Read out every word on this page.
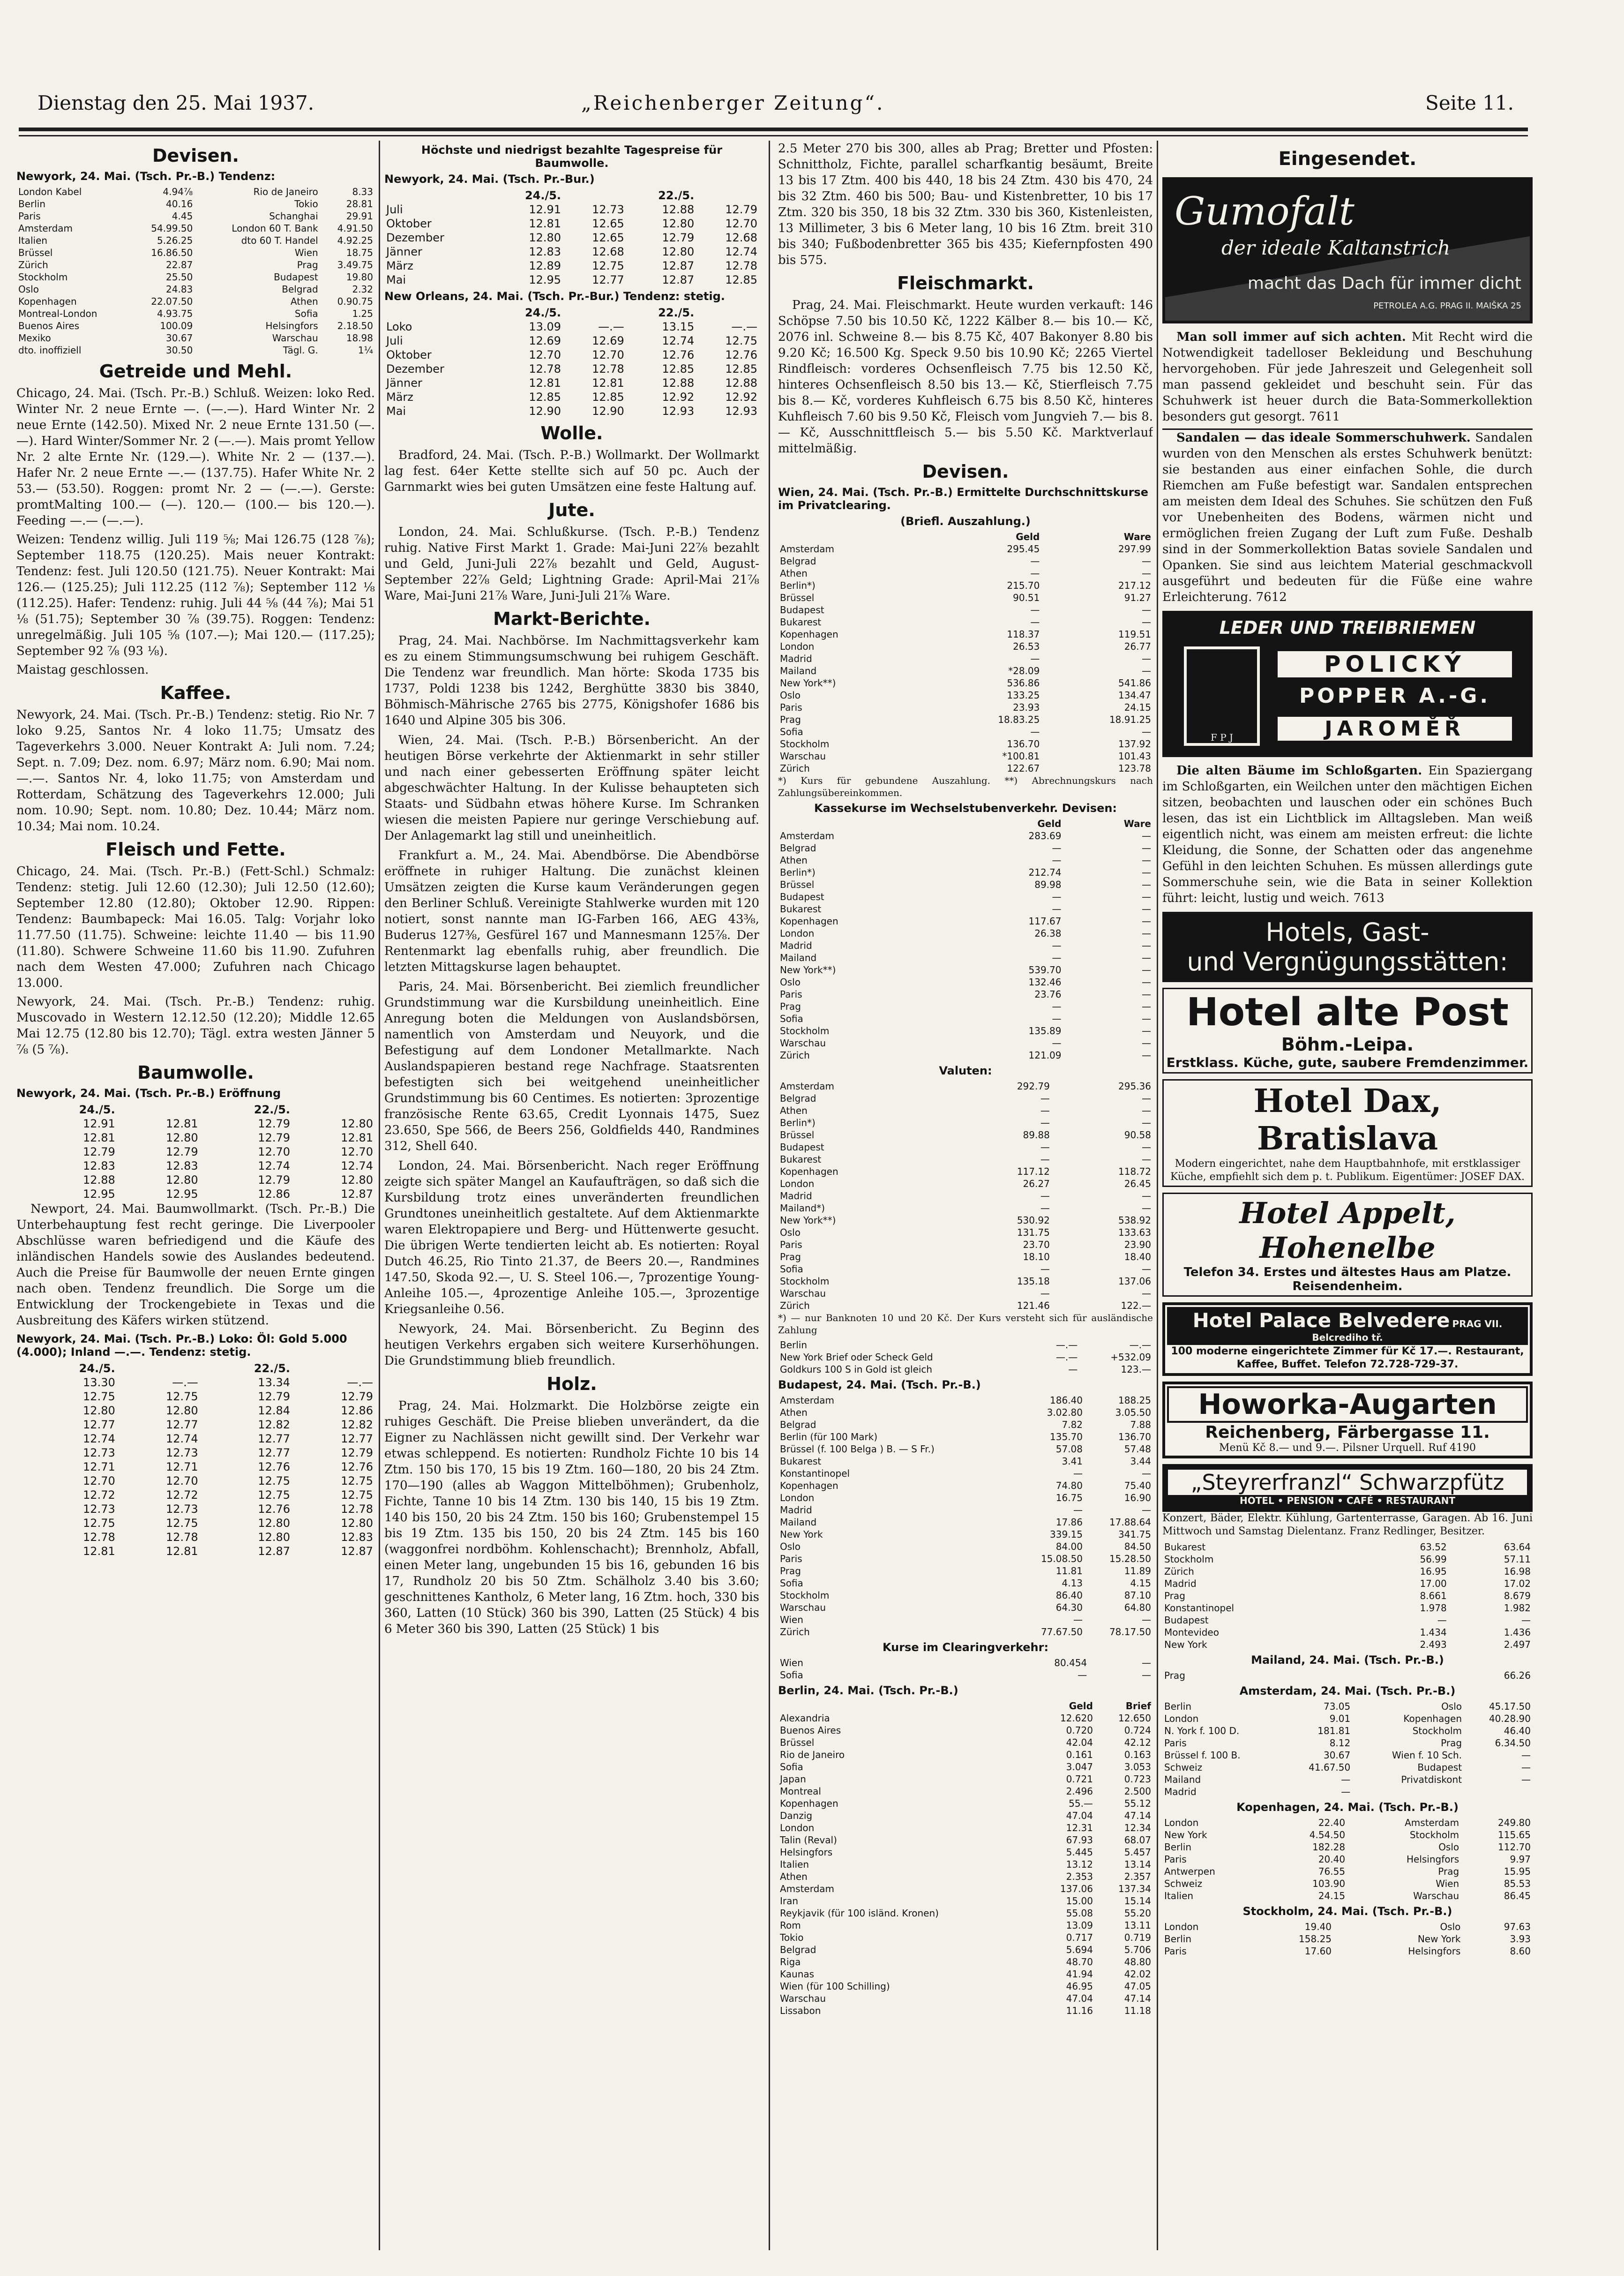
Dienstag den 25. Mai 1937.	„Reichenberger Zeitung“.	Seite 11.
Devisen.
Newyork, 24. Mai. (Tsch. Pr.-B.) Tendenz:
London Kabel	4.94⅞	Rio de Janeiro	8.33
Berlin	40.16	Tokio	28.81
Paris	4.45	Schanghai	29.91
Amsterdam	54.99.50	London 60 T. Bank	4.91.50
Italien	5.26.25	dto 60 T. Handel	4.92.25
Brüssel	16.86.50	Wien	18.75
Zürich	22.87	Prag	3.49.75
Stockholm	25.50	Budapest	19.80
Oslo	24.83	Belgrad	2.32
Kopenhagen	22.07.50	Athen	0.90.75
Montreal-London	4.93.75	Sofia	1.25
Buenos Aires	100.09	Helsingfors	2.18.50
Mexiko	30.67	Warschau	18.98
dto. inoffiziell	30.50	Tägl. G.	1¼
Getreide und Mehl.

Chicago, 24. Mai. (Tsch. Pr.-B.) Schluß. Weizen: loko Red. Winter Nr. 2 neue Ernte —. (—.—). Hard Winter Nr. 2 neue Ernte (142.50). Mixed Nr. 2 neue Ernte 131.50 (—.—). Hard Winter/Sommer Nr. 2 (—.—). Mais promt Yellow Nr. 2 alte Ernte Nr. (129.—). White Nr. 2 — (137.—). Hafer Nr. 2 neue Ernte —.— (137.75). Hafer White Nr. 2 53.— (53.50). Roggen: promt Nr. 2 — (—.—). Gerste: promtMalting 100.— (—). 120.— (100.— bis 120.—). Feeding —.— (—.—).

Weizen: Tendenz willig. Juli 119 ⅝; Mai 126.75 (128 ⅞); September 118.75 (120.25). Mais neuer Kontrakt: Tendenz: fest. Juli 120.50 (121.75). Neuer Kontrakt: Mai 126.— (125.25); Juli 112.25 (112 ⅞); September 112 ⅛ (112.25). Hafer: Tendenz: ruhig. Juli 44 ⅝ (44 ⅞); Mai 51 ⅛ (51.75); September 30 ⅞ (39.75). Roggen: Tendenz: unregelmäßig. Juli 105 ⅝ (107.—); Mai 120.— (117.25); September 92 ⅞ (93 ⅛).

Maistag geschlossen.

Kaffee.

Newyork, 24. Mai. (Tsch. Pr.-B.) Tendenz: stetig. Rio Nr. 7 loko 9.25, Santos Nr. 4 loko 11.75; Umsatz des Tageverkehrs 3.000. Neuer Kontrakt A: Juli nom. 7.24; Sept. n. 7.09; Dez. nom. 6.97; März nom. 6.90; Mai nom. —.—. Santos Nr. 4, loko 11.75; von Amsterdam und Rotterdam, Schätzung des Tageverkehrs 12.000; Juli nom. 10.90; Sept. nom. 10.80; Dez. 10.44; März nom. 10.34; Mai nom. 10.24.

Fleisch und Fette.

Chicago, 24. Mai. (Tsch. Pr.-B.) (Fett-Schl.) Schmalz: Tendenz: stetig. Juli 12.60 (12.30); Juli 12.50 (12.60); September 12.80 (12.80); Oktober 12.90. Rippen: Tendenz: Baumbapeck: Mai 16.05. Talg: Vorjahr loko 11.77.50 (11.75). Schweine: leichte 11.40 — bis 11.90 (11.80). Schwere Schweine 11.60 bis 11.90. Zufuhren nach dem Westen 47.000; Zufuhren nach Chicago 13.000.

Newyork, 24. Mai. (Tsch. Pr.-B.) Tendenz: ruhig. Muscovado in Western 12.12.50 (12.20); Middle 12.65 Mai 12.75 (12.80 bis 12.70); Tägl. extra westen Jänner 5 ⅞ (5 ⅞).

Baumwolle.
Newyork, 24. Mai. (Tsch. Pr.-B.) Eröffnung
	24./5.		22./5.	
	12.91	12.81	12.79	12.80
	12.81	12.80	12.79	12.81
	12.79	12.79	12.70	12.70
	12.83	12.83	12.74	12.74
	12.88	12.80	12.79	12.80
	12.95	12.95	12.86	12.87

Newport, 24. Mai. Baumwollmarkt. (Tsch. Pr.-B.) Die Unterbehauptung fest recht geringe. Die Liverpooler Abschlüsse waren befriedigend und die Käufe des inländischen Handels sowie des Auslandes bedeutend. Auch die Preise für Baumwolle der neuen Ernte gingen nach oben. Tendenz freundlich. Die Sorge um die Entwicklung der Trockengebiete in Texas und die Ausbreitung des Käfers wirken stützend.

Newyork, 24. Mai. (Tsch. Pr.-B.) Loko: Öl: Gold 5.000 (4.000); Inland —.—. Tendenz: stetig.
	24./5.		22./5.	
	13.30	—.—	13.34	—.—
	12.75	12.75	12.79	12.79
	12.80	12.80	12.84	12.86
	12.77	12.77	12.82	12.82
	12.74	12.74	12.77	12.77
	12.73	12.73	12.77	12.79
	12.71	12.71	12.76	12.76
	12.70	12.70	12.75	12.75
	12.72	12.72	12.75	12.75
	12.73	12.73	12.76	12.78
	12.75	12.75	12.80	12.80
	12.78	12.78	12.80	12.83
	12.81	12.81	12.87	12.87
Höchste und niedrigst bezahlte Tagespreise für Baumwolle.
Newyork, 24. Mai. (Tsch. Pr.-Bur.)
	24./5.		22./5.	
Juli	12.91	12.73	12.88	12.79
Oktober	12.81	12.65	12.80	12.70
Dezember	12.80	12.65	12.79	12.68
Jänner	12.83	12.68	12.80	12.74
März	12.89	12.75	12.87	12.78
Mai	12.95	12.77	12.87	12.85
New Orleans, 24. Mai. (Tsch. Pr.-Bur.) Tendenz: stetig.
	24./5.		22./5.	
Loko	13.09	—.—	13.15	—.—
Juli	12.69	12.69	12.74	12.75
Oktober	12.70	12.70	12.76	12.76
Dezember	12.78	12.78	12.85	12.85
Jänner	12.81	12.81	12.88	12.88
März	12.85	12.85	12.92	12.92
Mai	12.90	12.90	12.93	12.93
Wolle.

Bradford, 24. Mai. (Tsch. P.-B.) Wollmarkt. Der Wollmarkt lag fest. 64er Kette stellte sich auf 50 pc. Auch der Garnmarkt wies bei guten Umsätzen eine feste Haltung auf.

Jute.

London, 24. Mai. Schlußkurse. (Tsch. P.-B.) Tendenz ruhig. Native First Markt 1. Grade: Mai-Juni 22⅞ bezahlt und Geld, Juni-Juli 22⅞ bezahlt und Geld, August-September 22⅞ Geld; Lightning Grade: April-Mai 21⅞ Ware, Mai-Juni 21⅞ Ware, Juni-Juli 21⅞ Ware.

Markt-Berichte.

Prag, 24. Mai. Nachbörse. Im Nachmittagsverkehr kam es zu einem Stimmungsumschwung bei ruhigem Geschäft. Die Tendenz war freundlich. Man hörte: Skoda 1735 bis 1737, Poldi 1238 bis 1242, Berghütte 3830 bis 3840, Böhmisch-Mährische 2765 bis 2775, Königshofer 1686 bis 1640 und Alpine 305 bis 306.

Wien, 24. Mai. (Tsch. P.-B.) Börsenbericht. An der heutigen Börse verkehrte der Aktienmarkt in sehr stiller und nach einer gebesserten Eröffnung später leicht abgeschwächter Haltung. In der Kulisse behaupteten sich Staats- und Südbahn etwas höhere Kurse. Im Schranken wiesen die meisten Papiere nur geringe Verschiebung auf. Der Anlagemarkt lag still und uneinheitlich.

Frankfurt a. M., 24. Mai. Abendbörse. Die Abendbörse eröffnete in ruhiger Haltung. Die zunächst kleinen Umsätzen zeigten die Kurse kaum Veränderungen gegen den Berliner Schluß. Vereinigte Stahlwerke wurden mit 120 notiert, sonst nannte man IG-Farben 166, AEG 43⅜, Buderus 127⅜, Gesfürel 167 und Mannesmann 125⅞. Der Rentenmarkt lag ebenfalls ruhig, aber freundlich. Die letzten Mittagskurse lagen behauptet.

Paris, 24. Mai. Börsenbericht. Bei ziemlich freundlicher Grundstimmung war die Kursbildung uneinheitlich. Eine Anregung boten die Meldungen von Auslandsbörsen, namentlich von Amsterdam und Neuyork, und die Befestigung auf dem Londoner Metallmarkte. Nach Auslandspapieren bestand rege Nachfrage. Staatsrenten befestigten sich bei weitgehend uneinheitlicher Grundstimmung bis 60 Centimes. Es notierten: 3prozentige französische Rente 63.65, Credit Lyonnais 1475, Suez 23.650, Spe 566, de Beers 256, Goldfields 440, Randmines 312, Shell 640.

London, 24. Mai. Börsenbericht. Nach reger Eröffnung zeigte sich später Mangel an Kaufaufträgen, so daß sich die Kursbildung trotz eines unveränderten freundlichen Grundtones uneinheitlich gestaltete. Auf dem Aktienmarkte waren Elektropapiere und Berg- und Hüttenwerte gesucht. Die übrigen Werte tendierten leicht ab. Es notierten: Royal Dutch 46.25, Rio Tinto 21.37, de Beers 20.—, Randmines 147.50, Skoda 92.—, U. S. Steel 106.—, 7prozentige Young-Anleihe 105.—, 4prozentige Anleihe 105.—, 3prozentige Kriegsanleihe 0.56.

Newyork, 24. Mai. Börsenbericht. Zu Beginn des heutigen Verkehrs ergaben sich weitere Kurserhöhungen. Die Grundstimmung blieb freundlich.

Holz.

Prag, 24. Mai. Holzmarkt. Die Holzbörse zeigte ein ruhiges Geschäft. Die Preise blieben unverändert, da die Eigner zu Nachlässen nicht gewillt sind. Der Verkehr war etwas schleppend. Es notierten: Rundholz Fichte 10 bis 14 Ztm. 150 bis 170, 15 bis 19 Ztm. 160—180, 20 bis 24 Ztm. 170—190 (alles ab Waggon Mittelböhmen); Grubenholz, Fichte, Tanne 10 bis 14 Ztm. 130 bis 140, 15 bis 19 Ztm. 140 bis 150, 20 bis 24 Ztm. 150 bis 160; Grubenstempel 15 bis 19 Ztm. 135 bis 150, 20 bis 24 Ztm. 145 bis 160 (waggonfrei nordböhm. Kohlenschacht); Brennholz, Abfall, einen Meter lang, ungebunden 15 bis 16, gebunden 16 bis 17, Rundholz 20 bis 50 Ztm. Schälholz 3.40 bis 3.60; geschnittenes Kantholz, 6 Meter lang, 16 Ztm. hoch, 330 bis 360, Latten (10 Stück) 360 bis 390, Latten (25 Stück) 4 bis 6 Meter 360 bis 390, Latten (25 Stück) 1 bis

2.5 Meter 270 bis 300, alles ab Prag; Bretter und Pfosten: Schnittholz, Fichte, parallel scharfkantig besäumt, Breite 13 bis 17 Ztm. 400 bis 440, 18 bis 24 Ztm. 430 bis 470, 24 bis 32 Ztm. 460 bis 500; Bau- und Kistenbretter, 10 bis 17 Ztm. 320 bis 350, 18 bis 32 Ztm. 330 bis 360, Kistenleisten, 13 Millimeter, 3 bis 6 Meter lang, 10 bis 16 Ztm. breit 310 bis 340; Fußbodenbretter 365 bis 435; Kiefernpfosten 490 bis 575.

Fleischmarkt.

Prag, 24. Mai. Fleischmarkt. Heute wurden verkauft: 146 Schöpse 7.50 bis 10.50 Kč, 1222 Kälber 8.— bis 10.— Kč, 2076 inl. Schweine 8.— bis 8.75 Kč, 407 Bakonyer 8.80 bis 9.20 Kč; 16.500 Kg. Speck 9.50 bis 10.90 Kč; 2265 Viertel Rindfleisch: vorderes Ochsenfleisch 7.75 bis 12.50 Kč, hinteres Ochsenfleisch 8.50 bis 13.— Kč, Stierfleisch 7.75 bis 8.— Kč, vorderes Kuhfleisch 6.75 bis 8.50 Kč, hinteres Kuhfleisch 7.60 bis 9.50 Kč, Fleisch vom Jungvieh 7.— bis 8.— Kč, Ausschnittfleisch 5.— bis 5.50 Kč. Marktverlauf mittelmäßig.

Devisen.
Wien, 24. Mai. (Tsch. Pr.-B.) Ermittelte Durchschnittskurse im Privatclearing.
(Briefl. Auszahlung.)
	Geld	Ware
Amsterdam	295.45	297.99
Belgrad	—	—
Athen	—	—
Berlin*)	215.70	217.12
Brüssel	90.51	91.27
Budapest	—	—
Bukarest	—	—
Kopenhagen	118.37	119.51
London	26.53	26.77
Madrid	—	—
Mailand	*28.09	—
New York**)	536.86	541.86
Oslo	133.25	134.47
Paris	23.93	24.15
Prag	18.83.25	18.91.25
Sofia	—	—
Stockholm	136.70	137.92
Warschau	*100.81	101.43
Zürich	122.67	123.78

*) Kurs für gebundene Auszahlung. **) Abrechnungskurs nach Zahlungsübereinkommen.

Kassekurse im Wechselstubenverkehr. Devisen:
	Geld	Ware
Amsterdam	283.69	—
Belgrad	—	—
Athen	—	—
Berlin*)	212.74	—
Brüssel	89.98	—
Budapest	—	—
Bukarest	—	—
Kopenhagen	117.67	—
London	26.38	—
Madrid	—	—
Mailand	—	—
New York**)	539.70	—
Oslo	132.46	—
Paris	23.76	—
Prag	—	—
Sofia	—	—
Stockholm	135.89	—
Warschau	—	—
Zürich	121.09	—
Valuten:
Amsterdam	292.79	295.36
Belgrad	—	—
Athen	—	—
Berlin*)	—	—
Brüssel	89.88	90.58
Budapest	—	—
Bukarest	—	—
Kopenhagen	117.12	118.72
London	26.27	26.45
Madrid	—	—
Mailand*)	—	—
New York**)	530.92	538.92
Oslo	131.75	133.63
Paris	23.70	23.90
Prag	18.10	18.40
Sofia	—	—
Stockholm	135.18	137.06
Warschau	—	—
Zürich	121.46	122.—

*) — nur Banknoten 10 und 20 Kč. Der Kurs versteht sich für ausländische Zahlung

Berlin	—.—	—.—
New York Brief oder Scheck Geld	—.—	+532.09
Goldkurs 100 S in Gold ist gleich	—	123.—
Budapest, 24. Mai. (Tsch. Pr.-B.)
Amsterdam	186.40	188.25
Athen	3.02.80	3.05.50
Belgrad	7.82	7.88
Berlin (für 100 Mark)	135.70	136.70
Brüssel (f. 100 Belga ) B. — S Fr.)	57.08	57.48
Bukarest	3.41	3.44
Konstantinopel	—	—
Kopenhagen	74.80	75.40
London	16.75	16.90
Madrid	—	—
Mailand	17.86	17.88.64
New York	339.15	341.75
Oslo	84.00	84.50
Paris	15.08.50	15.28.50
Prag	11.81	11.89
Sofia	4.13	4.15
Stockholm	86.40	87.10
Warschau	64.30	64.80
Wien	—	—
Zürich	77.67.50	78.17.50
Kurse im Clearingverkehr:
Wien	80.454	—
Sofia	—	—
Berlin, 24. Mai. (Tsch. Pr.-B.)
	Geld	Brief
Alexandria	12.620	12.650
Buenos Aires	0.720	0.724
Brüssel	42.04	42.12
Rio de Janeiro	0.161	0.163
Sofia	3.047	3.053
Japan	0.721	0.723
Montreal	2.496	2.500
Kopenhagen	55.—	55.12
Danzig	47.04	47.14
London	12.31	12.34
Talin (Reval)	67.93	68.07
Helsingfors	5.445	5.457
Italien	13.12	13.14
Athen	2.353	2.357
Amsterdam	137.06	137.34
Iran	15.00	15.14
Reykjavik (für 100 isländ. Kronen)	55.08	55.20
Rom	13.09	13.11
Tokio	0.717	0.719
Belgrad	5.694	5.706
Riga	48.70	48.80
Kaunas	41.94	42.02
Wien (für 100 Schilling)	46.95	47.05
Warschau	47.04	47.14
Lissabon	11.16	11.18
Eingesendet.
Gumofalt
der ideale Kaltanstrich
macht das Dach für immer dicht
PETROLEA A.G. PRAG II. MAIŠKA 25

Man soll immer auf sich achten. Mit Recht wird die Notwendigkeit tadelloser Bekleidung und Beschuhung hervorgehoben. Für jede Jahreszeit und Gelegenheit soll man passend gekleidet und beschuht sein. Für das Schuhwerk ist heuer durch die Bata-Sommerkollektion besonders gut gesorgt. 7611

Sandalen — das ideale Sommerschuhwerk. Sandalen wurden von den Menschen als erstes Schuhwerk benützt: sie bestanden aus einer einfachen Sohle, die durch Riemchen am Fuße befestigt war. Sandalen entsprechen am meisten dem Ideal des Schuhes. Sie schützen den Fuß vor Unebenheiten des Bodens, wärmen nicht und ermöglichen freien Zugang der Luft zum Fuße. Deshalb sind in der Sommerkollektion Batas soviele Sandalen und Opanken. Sie sind aus leichtem Material geschmackvoll ausgeführt und bedeuten für die Füße eine wahre Erleichterung. 7612

LEDER UND TREIBRIEMEN
F P J
POLICKÝ
POPPER A.-G.
JAROMĚŘ

Die alten Bäume im Schloßgarten. Ein Spaziergang im Schloßgarten, ein Weilchen unter den mächtigen Eichen sitzen, beobachten und lauschen oder ein schönes Buch lesen, das ist ein Lichtblick im Alltagsleben. Man weiß eigentlich nicht, was einem am meisten erfreut: die lichte Kleidung, die Sonne, der Schatten oder das angenehme Gefühl in den leichten Schuhen. Es müssen allerdings gute Sommerschuhe sein, wie die Bata in seiner Kollektion führt: leicht, lustig und weich. 7613

Hotels, Gast-
und Vergnügungsstätten:
Hotel alte Post
Böhm.-Leipa.
Erstklass. Küche, gute, saubere Fremdenzimmer.
Hotel Dax, Bratislava
Modern eingerichtet, nahe dem Hauptbahnhofe, mit erstklassiger Küche, empfiehlt sich dem p. t. Publikum. Eigentümer: JOSEF DAX.
Hotel Appelt, Hohenelbe
Telefon 34. Erstes und ältestes Haus am Platze. Reisendenheim.
Hotel Palace Belvedere PRAG VII. Belcrediho tř.
100 moderne eingerichtete Zimmer für Kč 17.—. Restaurant, Kaffee, Buffet. Telefon 72.728-729-37.
Howorka-Augarten
Reichenberg, Färbergasse 11.
Menü Kč 8.— und 9.—. Pilsner Urquell. Ruf 4190
„Steyrerfranzl“ Schwarzpfütz
HOTEL • PENSION • CAFÉ • RESTAURANT

Konzert, Bäder, Elektr. Kühlung, Gartenterrasse, Garagen. Ab 16. Juni Mittwoch und Samstag Dielentanz. Franz Redlinger, Besitzer.

Bukarest	63.52	63.64
Stockholm	56.99	57.11
Zürich	16.95	16.98
Madrid	17.00	17.02
Prag	8.661	8.679
Konstantinopel	1.978	1.982
Budapest	—	—
Montevideo	1.434	1.436
New York	2.493	2.497
Mailand, 24. Mai. (Tsch. Pr.-B.)
Prag	66.26
Amsterdam, 24. Mai. (Tsch. Pr.-B.)
Berlin	73.05	Oslo	45.17.50
London	9.01	Kopenhagen	40.28.90
N. York f. 100 D.	181.81	Stockholm	46.40
Paris	8.12	Prag	6.34.50
Brüssel f. 100 B.	30.67	Wien f. 10 Sch.	—
Schweiz	41.67.50	Budapest	—
Mailand	—	Privatdiskont	—
Madrid	—		
Kopenhagen, 24. Mai. (Tsch. Pr.-B.)
London	22.40	Amsterdam	249.80
New York	4.54.50	Stockholm	115.65
Berlin	182.28	Oslo	112.70
Paris	20.40	Helsingfors	9.97
Antwerpen	76.55	Prag	15.95
Schweiz	103.90	Wien	85.53
Italien	24.15	Warschau	86.45
Stockholm, 24. Mai. (Tsch. Pr.-B.)
London	19.40	Oslo	97.63
Berlin	158.25	New York	3.93
Paris	17.60	Helsingfors	8.60
